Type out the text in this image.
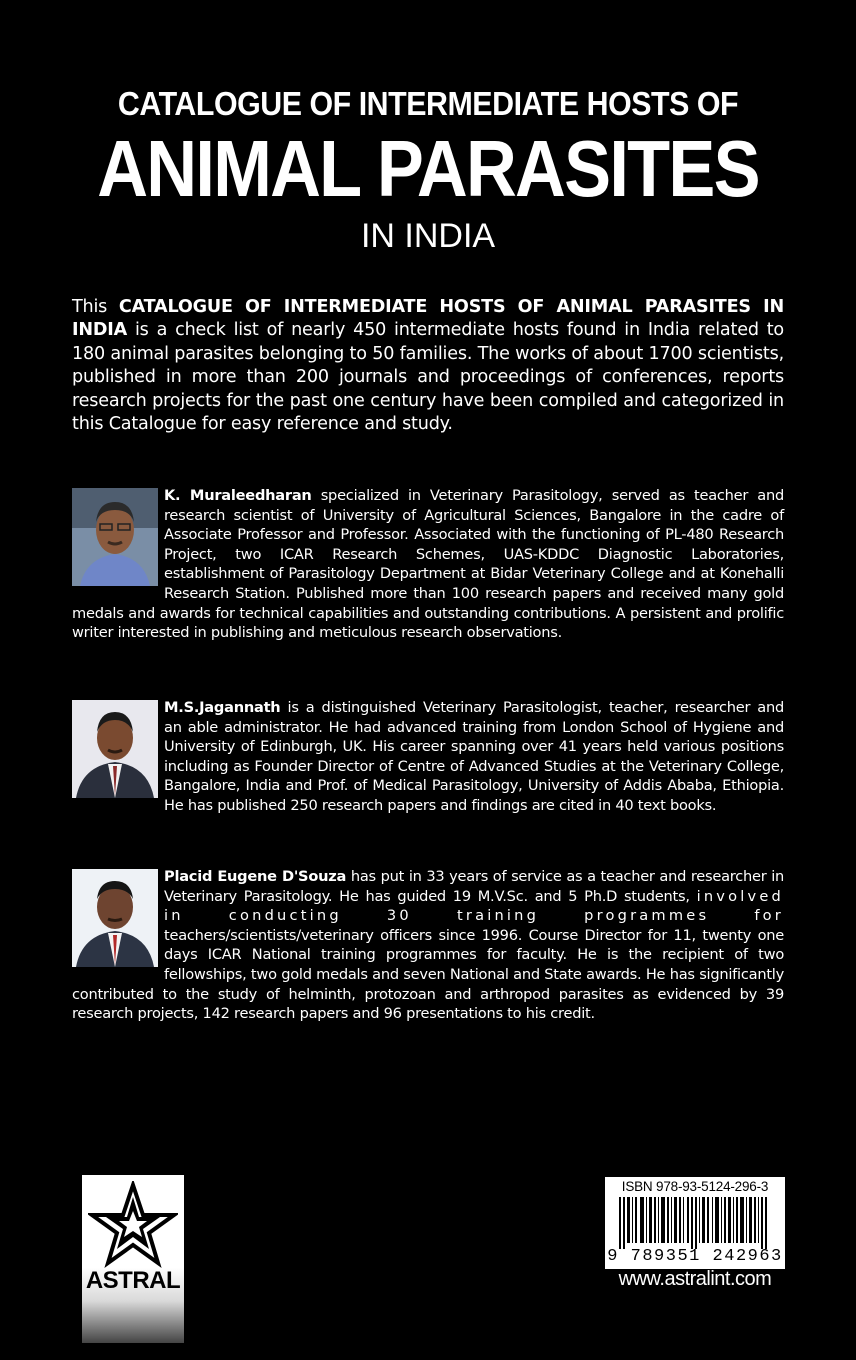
CATALOGUE OF INTERMEDIATE HOSTS OF
ANIMAL PARASITES
IN INDIA
This CATALOGUE OF INTERMEDIATE HOSTS OF ANIMAL PARASITES IN INDIA is a check list of nearly 450 intermediate hosts found in India related to 180 animal parasites belonging to 50 families. The works of about 1700 scientists, published in more than 200 journals and proceedings of conferences, reports research projects for the past one century have been compiled and categorized in this Catalogue for easy reference and study.
K. Muraleedharan specialized in Veterinary Parasitology, served as teacher and research scientist of University of Agricultural Sciences, Bangalore in the cadre of Associate Professor and Professor. Associated with the functioning of PL-480 Research Project, two ICAR Research Schemes, UAS-KDDC Diagnostic Laboratories, establishment of Parasitology Department at Bidar Veterinary College and at Konehalli Research Station. Published more than 100 research papers and received many gold medals and awards for technical capabilities and outstanding contributions. A persistent and prolific writer interested in publishing and meticulous research observations.
M.S.Jagannath is a distinguished Veterinary Parasitologist, teacher, researcher and an able administrator. He had advanced training from London School of Hygiene and University of Edinburgh, UK. His career spanning over 41 years held various positions including as Founder Director of Centre of Advanced Studies at the Veterinary College, Bangalore, India and Prof. of Medical Parasitology, University of Addis Ababa, Ethiopia. He has published 250 research papers and findings are cited in 40 text books.
Placid Eugene D'Souza has put in 33 years of service as a teacher and researcher in Veterinary Parasitology. He has guided 19 M.V.Sc. and 5 Ph.D students, involved in conducting 30 training programmes for teachers/scientists/veterinary officers since 1996. Course Director for 11, twenty one days ICAR National training programmes for faculty. He is the recipient of two fellowships, two gold medals and seven National and State awards. He has significantly contributed to the study of helminth, protozoan and arthropod parasites as evidenced by 39 research projects, 142 research papers and 96 presentations to his credit.
ASTRAL
ISBN 978-93-5124-296-3
9 789351 242963
www.astralint.com
